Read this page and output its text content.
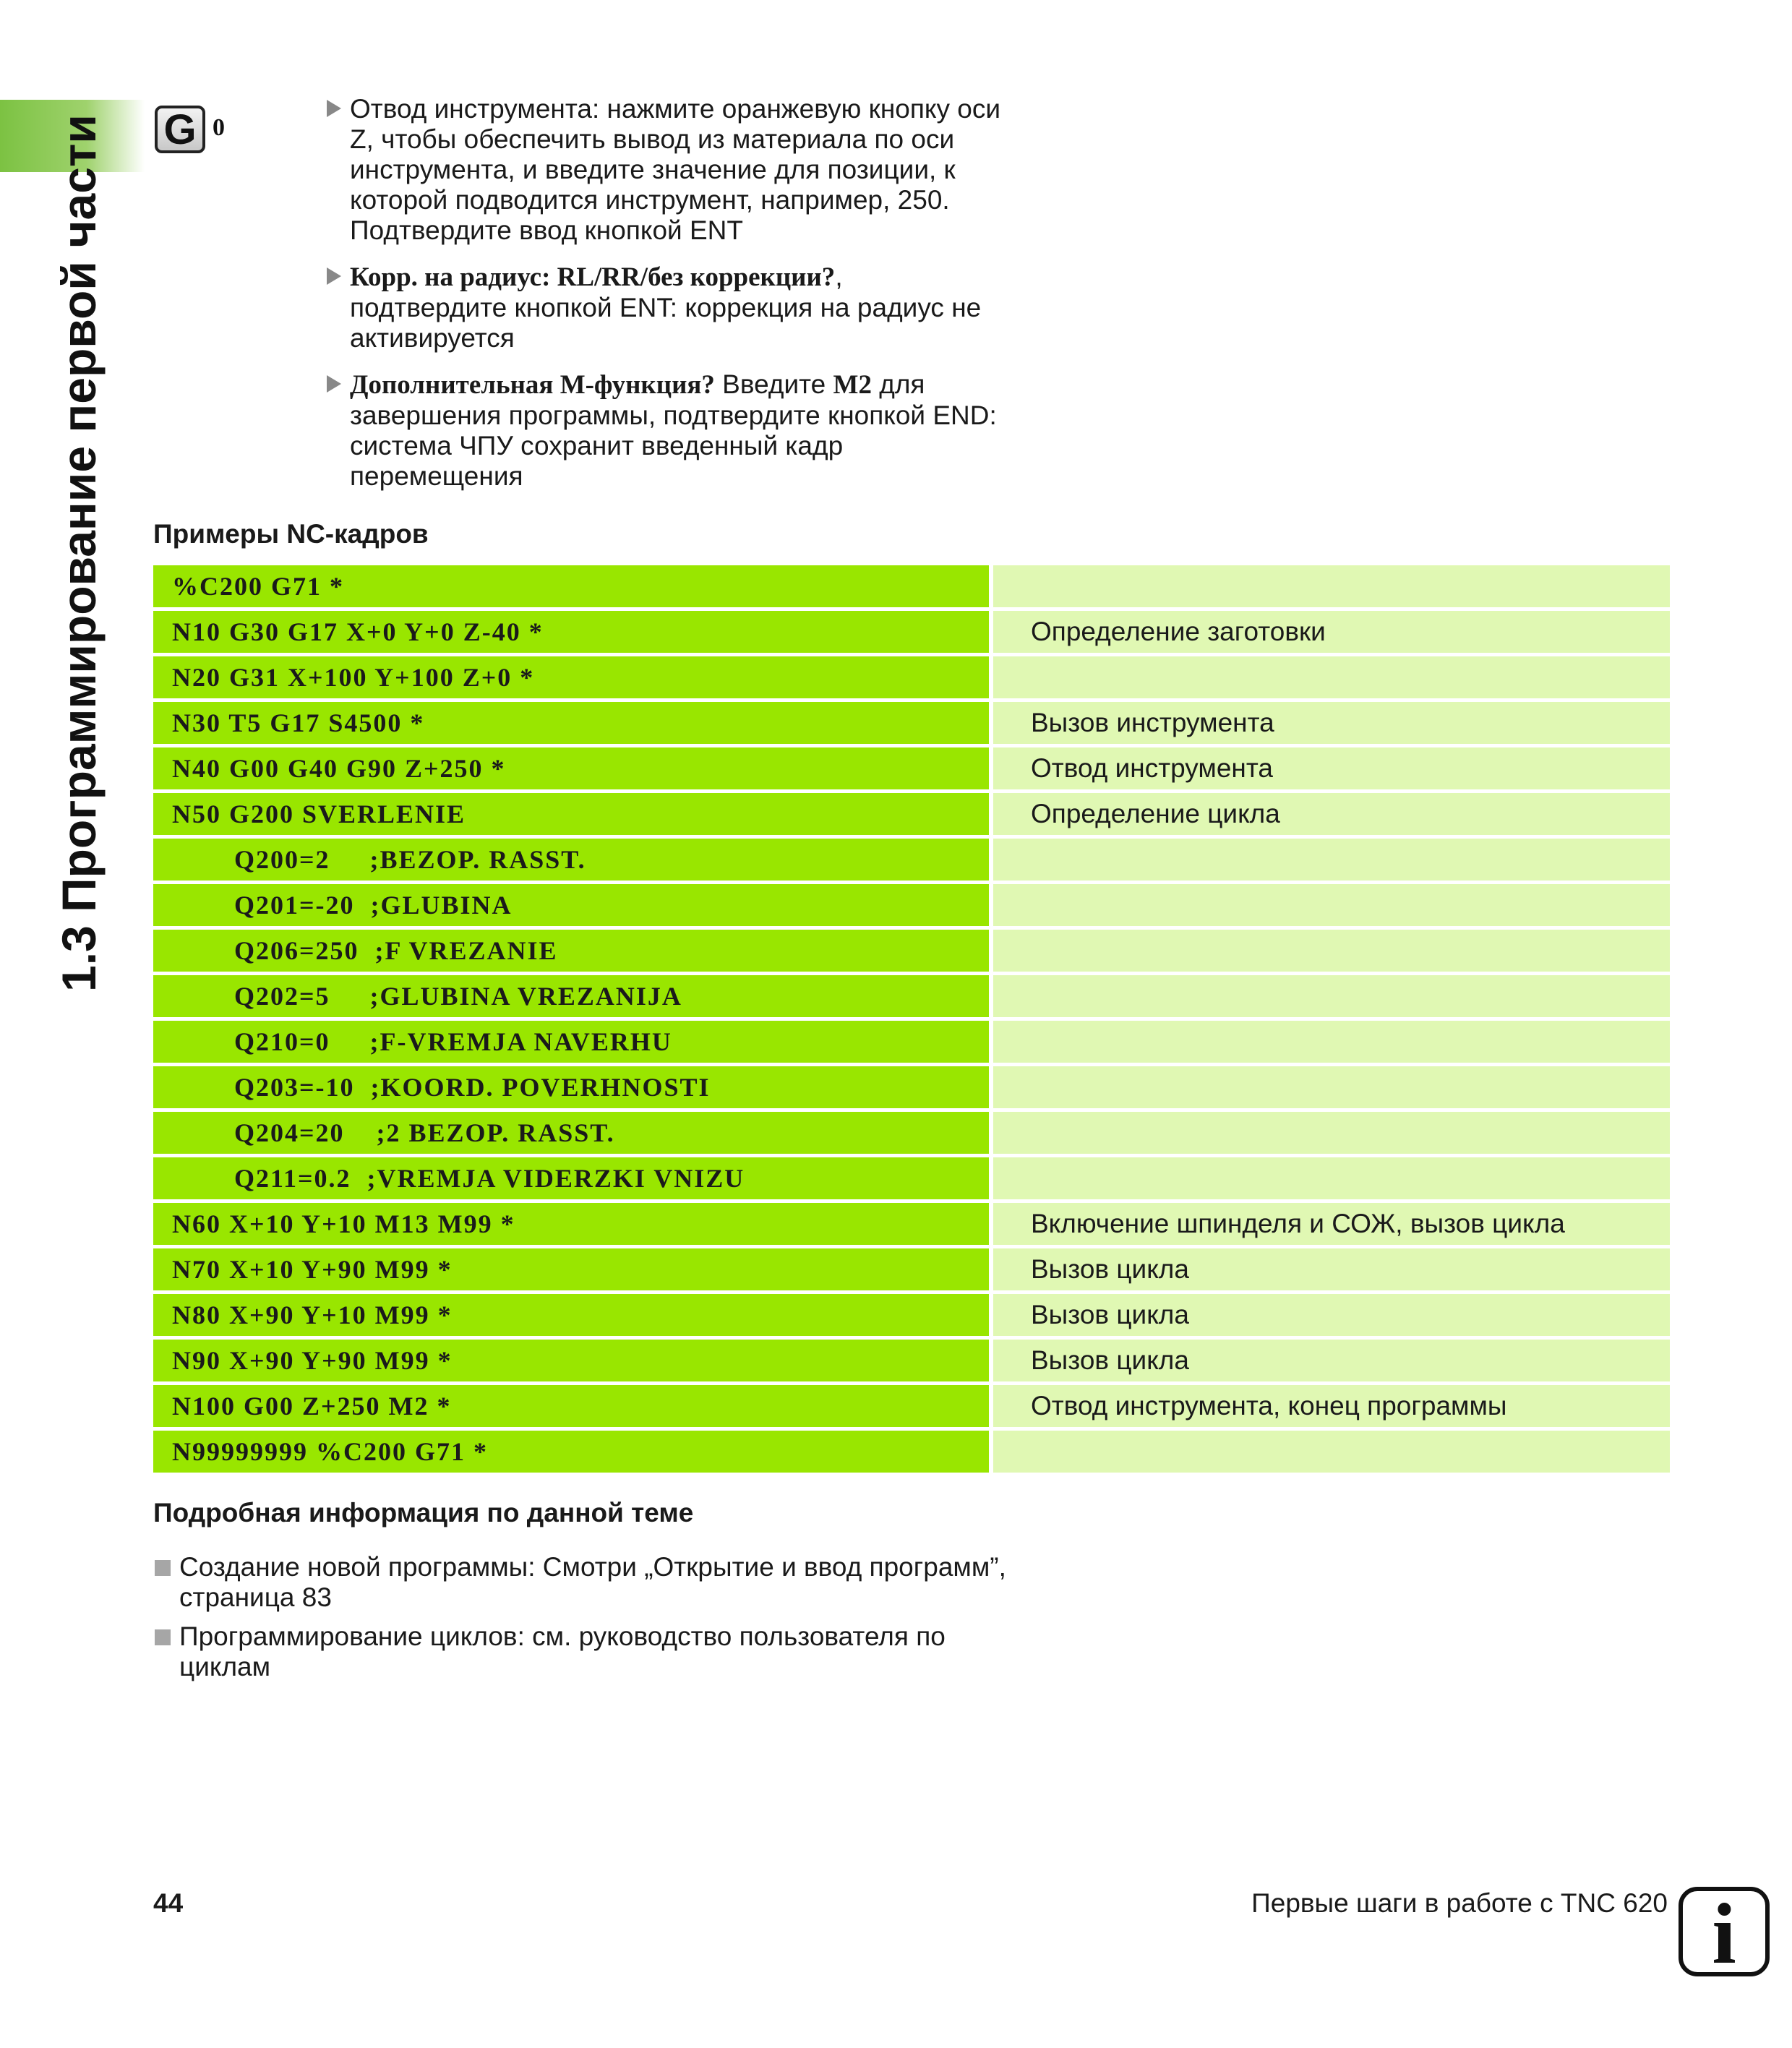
1.3 Программирование первой части G 0
Отвод инструмента: нажмите оранжевую кнопку оси Z, чтобы обеспечить вывод из материала по оси инструмента, и введите значение для позиции, к которой подводится инструмент, например, 250. Подтвердите ввод кнопкой ENT
Корр. на радиус: RL/RR/без коррекции?, подтвердите кнопкой ENT: коррекция на радиус не активируется
Дополнительная M-функция? Введите M2 для завершения программы, подтвердите кнопкой END: система ЧПУ сохранит введенный кадр перемещения
Примеры NC-кадров
%C200 G71 *
N10 G30 G17 X+0 Y+0 Z-40 *	Определение заготовки
N20 G31 X+100 Y+100 Z+0 *
N30 T5 G17 S4500 *	Вызов инструмента
N40 G00 G40 G90 Z+250 *	Отвод инструмента
N50 G200 SVERLENIE	Определение цикла
Q200=2     ;BEZOP. RASST.
Q201=-20  ;GLUBINA
Q206=250  ;F VREZANIE
Q202=5     ;GLUBINA VREZANIJA
Q210=0     ;F-VREMJA NAVERHU
Q203=-10  ;KOORD. POVERHNOSTI
Q204=20    ;2 BEZOP. RASST.
Q211=0.2  ;VREMJA VIDERZKI VNIZU
N60 X+10 Y+10 M13 M99 *	Включение шпинделя и СОЖ, вызов цикла
N70 X+10 Y+90 M99 *	Вызов цикла
N80 X+90 Y+10 M99 *	Вызов цикла
N90 X+90 Y+90 M99 *	Вызов цикла
N100 G00 Z+250 M2 *	Отвод инструмента, конец программы
N99999999 %C200 G71 *
Подробная информация по данной теме
Создание новой программы: Смотри „Открытие и ввод программ”, страница 83
Программирование циклов: см. руководство пользователя по циклам
44	Первые шаги в работе с TNC 620 i
